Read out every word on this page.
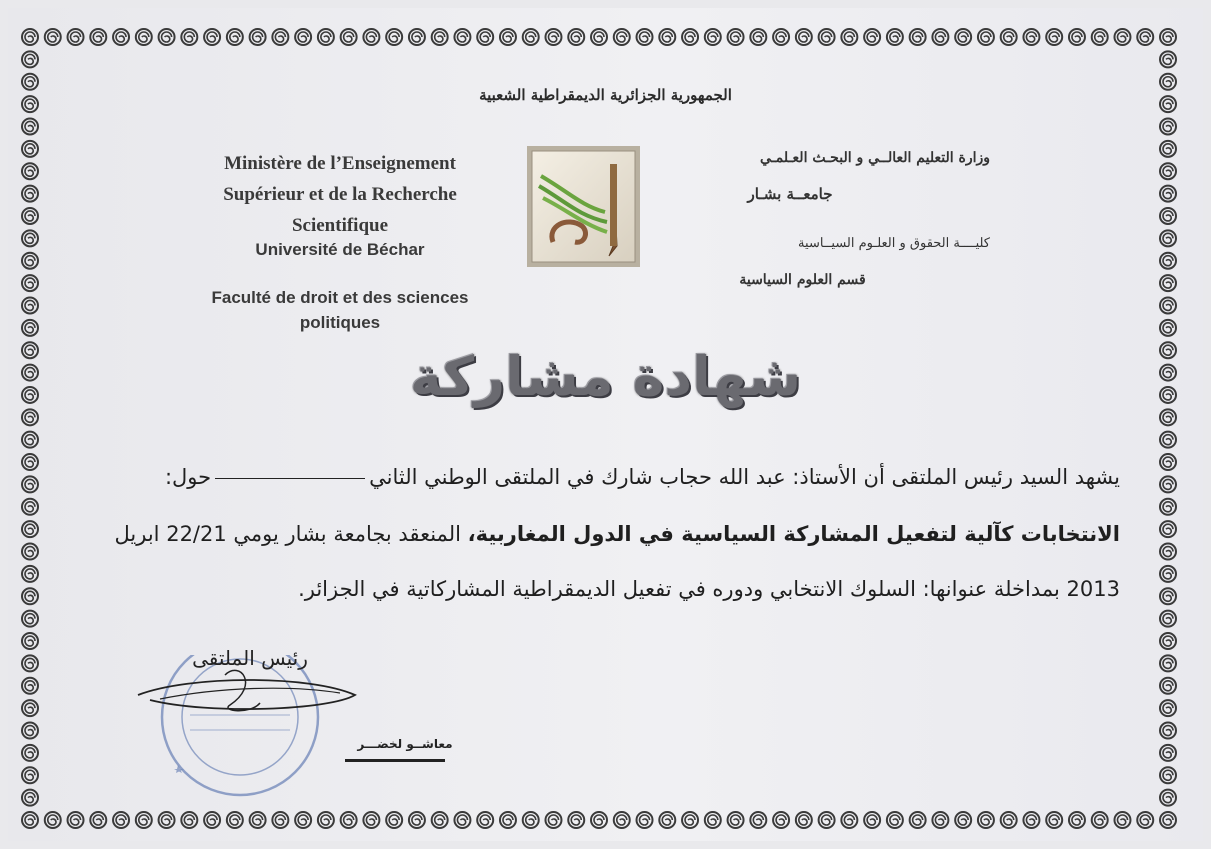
الجمهورية الجزائرية الديمقراطية الشعبية
Ministère de l’Enseignement
Supérieur et de la Recherche
Scientifique
Université de Béchar
Faculté de droit et des sciences
politiques
وزارة التعليم العالــي و البحـث العـلمـي
جامعــة بشـار
كليــــة الحقوق و العلـوم السيــاسية
قسم العلوم السياسية
شهادة مشاركة
يشهد السيد رئيس الملتقى أن الأستاذ: عبد الله حجاب شارك في الملتقى الوطني الثانيحول:
الانتخابات كآلية لتفعيل المشاركة السياسية في الدول المغاربية، المنعقد بجامعة بشار يومي 22/21 ابريل
2013 بمداخلة عنوانها: السلوك الانتخابي ودوره في تفعيل الديمقراطية المشاركاتية في الجزائر.
رئيس الملتقى
معاشــو لخضـــر
